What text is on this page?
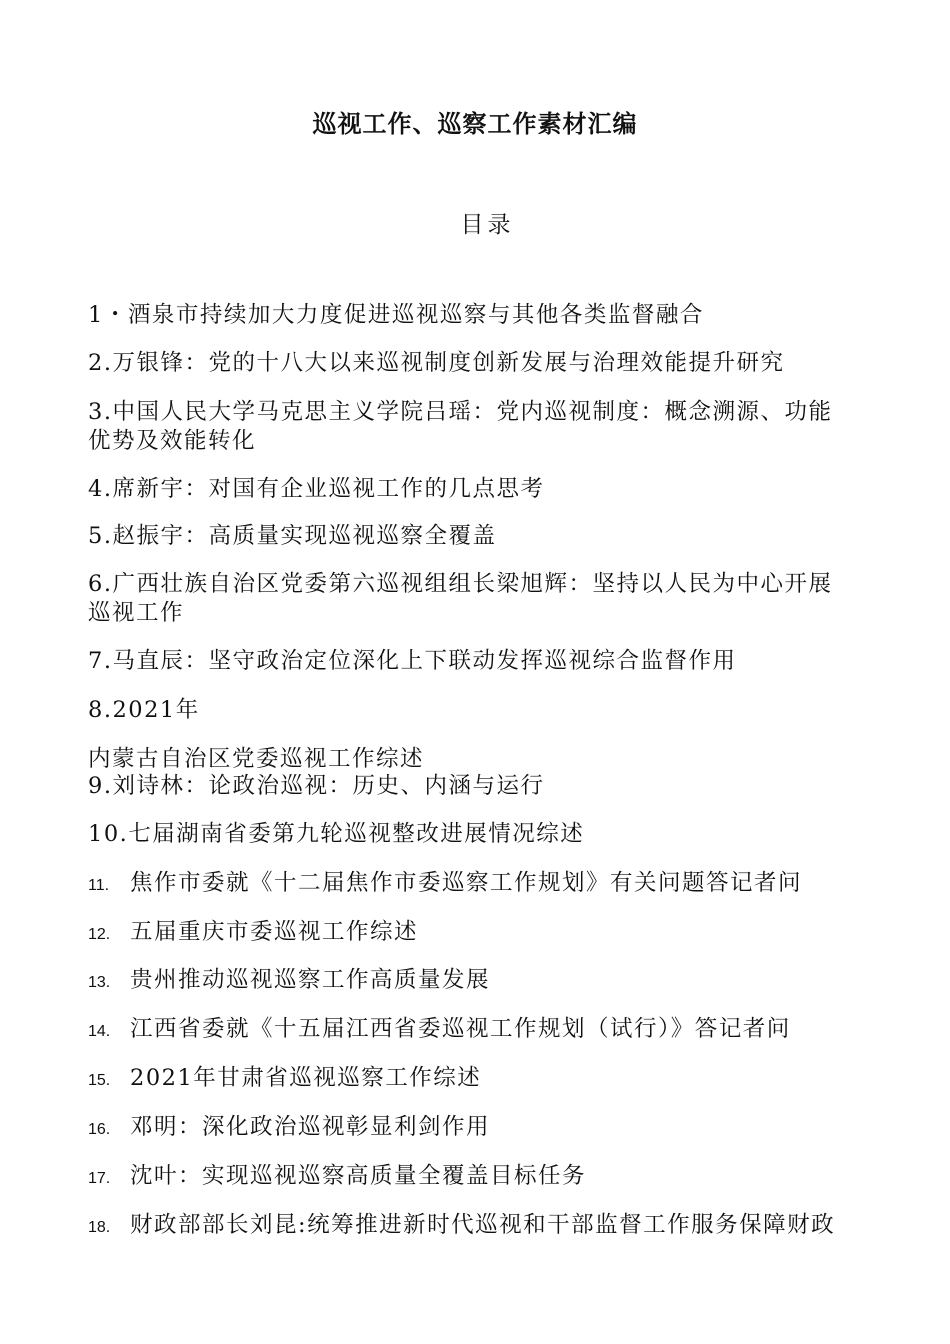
巡视工作、巡察工作素材汇编
目录
1・酒泉市持续加大力度促进巡视巡察与其他各类监督融合
2.万银锋：党的十八大以来巡视制度创新发展与治理效能提升研究
3.中国人民大学马克思主义学院吕瑶：党内巡视制度：概念溯源、功能
优势及效能转化
4.席新宇：对国有企业巡视工作的几点思考
5.赵振宇：高质量实现巡视巡察全覆盖
6.广西壮族自治区党委第六巡视组组长梁旭辉：坚持以人民为中心开展
巡视工作
7.马直辰：坚守政治定位深化上下联动发挥巡视综合监督作用
8.2021年
内蒙古自治区党委巡视工作综述
9.刘诗林：论政治巡视：历史、内涵与运行
10.七届湖南省委第九轮巡视整改进展情况综述
11. 焦作市委就《十二届焦作市委巡察工作规划》有关问题答记者问
12. 五届重庆市委巡视工作综述
13. 贵州推动巡视巡察工作高质量发展
14. 江西省委就《十五届江西省委巡视工作规划（试行）》答记者问
15. 2021年甘肃省巡视巡察工作综述
16. 邓明：深化政治巡视彰显利剑作用
17. 沈叶：实现巡视巡察高质量全覆盖目标任务
18. 财政部部长刘昆:统筹推进新时代巡视和干部监督工作服务保障财政
